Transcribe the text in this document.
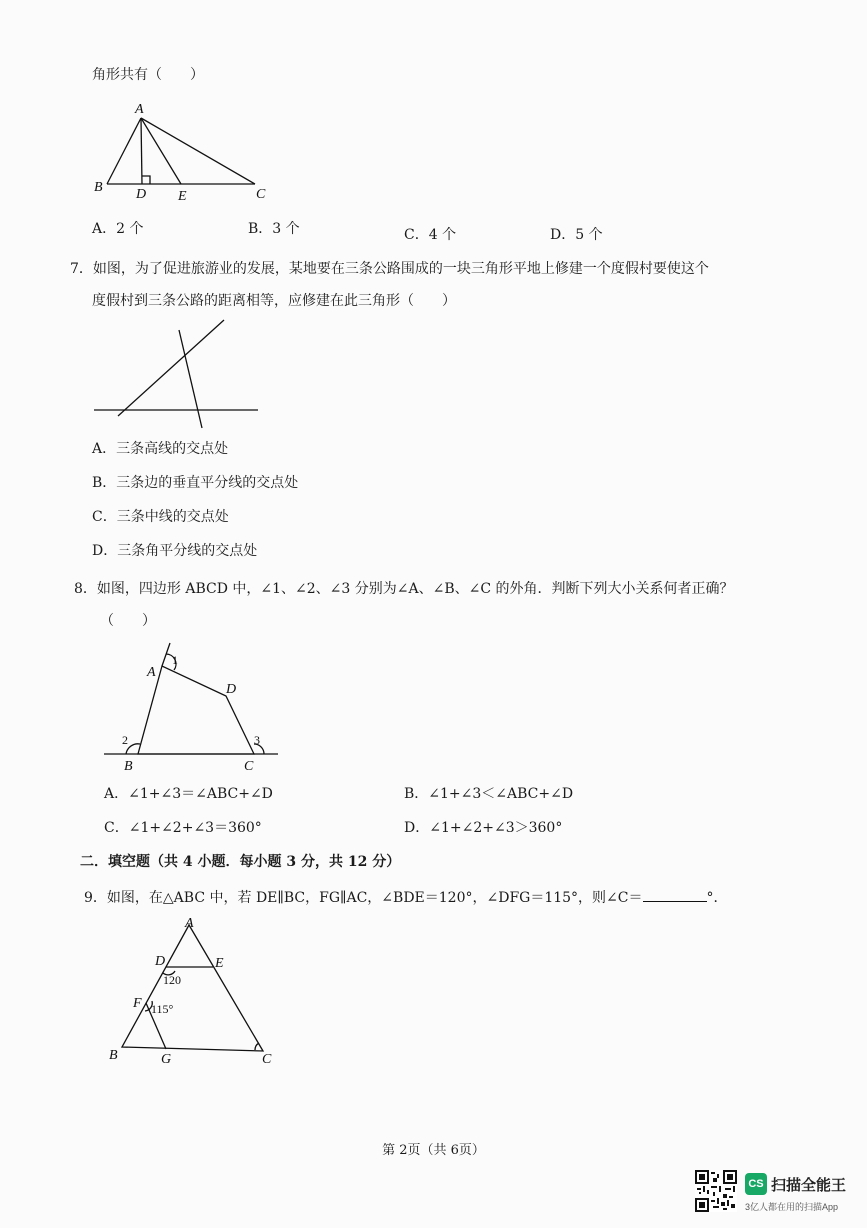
角形共有（　　）
A
B D E	C
A．2 个	B．3 个	C．4 个	D．5 个
7．如图，为了促进旅游业的发展，某地要在三条公路围成的一块三角形平地上修建一个度假村要使这个
度假村到三条公路的距离相等，应修建在此三角形（　　）
A．三条高线的交点处
B．三条边的垂直平分线的交点处
C．三条中线的交点处
D．三条角平分线的交点处
8．如图，四边形 ABCD 中，∠1、∠2、∠3 分别为∠A、∠B、∠C 的外角．判断下列大小关系何者正确？
（　　）
A
1
D
2	3
B	C
A．∠1+∠3＝∠ABC+∠D	B．∠1+∠3＜∠ABC+∠D
C．∠1+∠2+∠3＝360°	D．∠1+∠2+∠3＞360°
二．填空题（共 4 小题．每小题 3 分，共 12 分）
9．如图，在△ABC 中，若 DE∥BC，FG∥AC，∠BDE＝120°，∠DFG＝115°，则∠C＝	°．
A
D	E
120
F 115°
B	G	C
第 2页（共 6页）
CS 扫描全能王
3亿人都在用的扫描App
